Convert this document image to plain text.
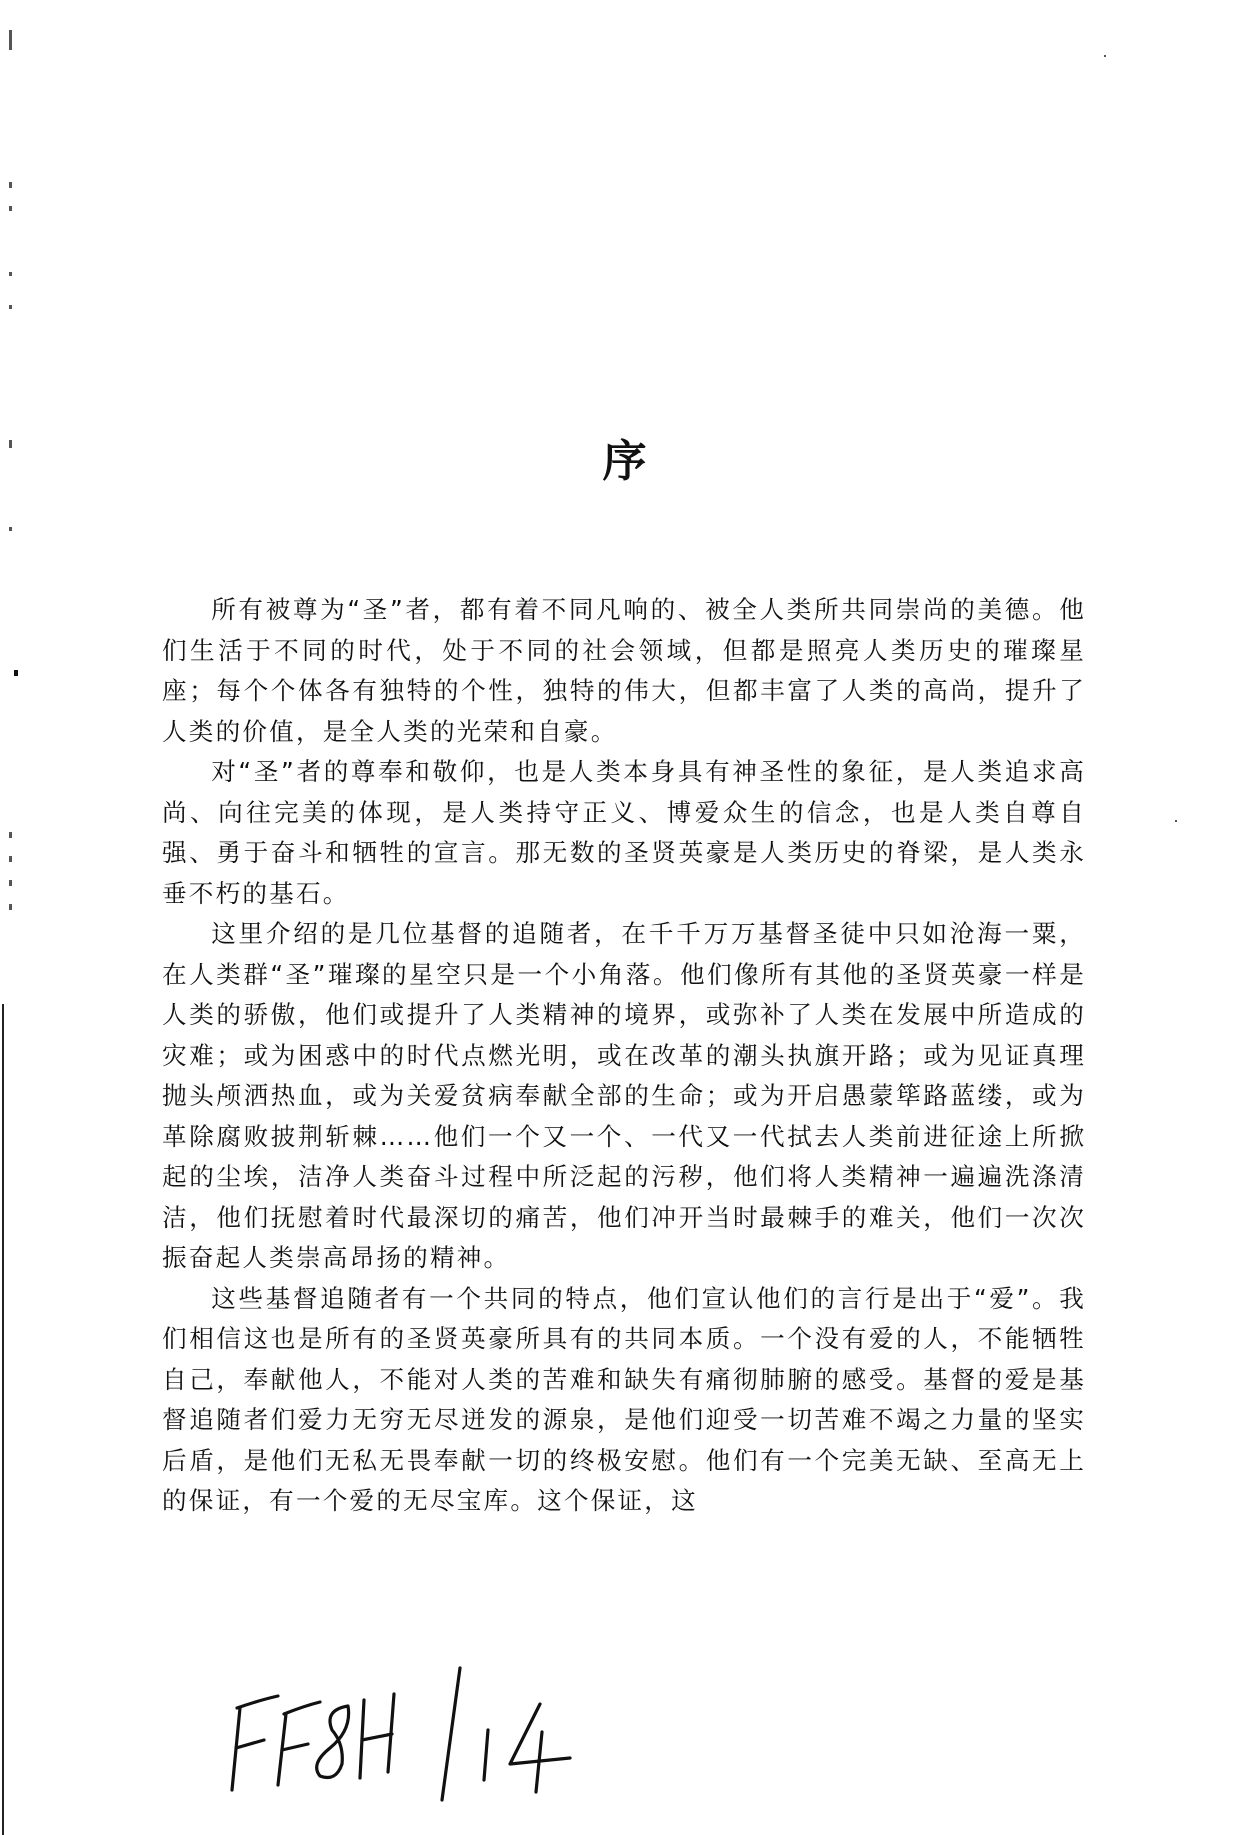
序

所有被尊为“圣”者，都有着不同凡响的、被全人类所共同崇尚的美德。他们生活于不同的时代，处于不同的社会领域，但都是照亮人类历史的璀璨星座；每个个体各有独特的个性，独特的伟大，但都丰富了人类的高尚，提升了人类的价值，是全人类的光荣和自豪。

对“圣”者的尊奉和敬仰，也是人类本身具有神圣性的象征，是人类追求高尚、向往完美的体现，是人类持守正义、博爱众生的信念，也是人类自尊自强、勇于奋斗和牺牲的宣言。那无数的圣贤英豪是人类历史的脊梁，是人类永垂不朽的基石。

这里介绍的是几位基督的追随者，在千千万万基督圣徒中只如沧海一粟，在人类群“圣”璀璨的星空只是一个小角落。他们像所有其他的圣贤英豪一样是人类的骄傲，他们或提升了人类精神的境界，或弥补了人类在发展中所造成的灾难；或为困惑中的时代点燃光明，或在改革的潮头执旗开路；或为见证真理抛头颅洒热血，或为关爱贫病奉献全部的生命；或为开启愚蒙筚路蓝缕，或为革除腐败披荆斩棘……他们一个又一个、一代又一代拭去人类前进征途上所掀起的尘埃，洁净人类奋斗过程中所泛起的污秽，他们将人类精神一遍遍洗涤清洁，他们抚慰着时代最深切的痛苦，他们冲开当时最棘手的难关，他们一次次振奋起人类崇高昂扬的精神。

这些基督追随者有一个共同的特点，他们宣认他们的言行是出于“爱”。我们相信这也是所有的圣贤英豪所具有的共同本质。一个没有爱的人，不能牺牲自己，奉献他人，不能对人类的苦难和缺失有痛彻肺腑的感受。基督的爱是基督追随者们爱力无穷无尽迸发的源泉，是他们迎受一切苦难不竭之力量的坚实后盾，是他们无私无畏奉献一切的终极安慰。他们有一个完美无缺、至高无上的保证，有一个爱的无尽宝库。这个保证，这

FF8H/14
